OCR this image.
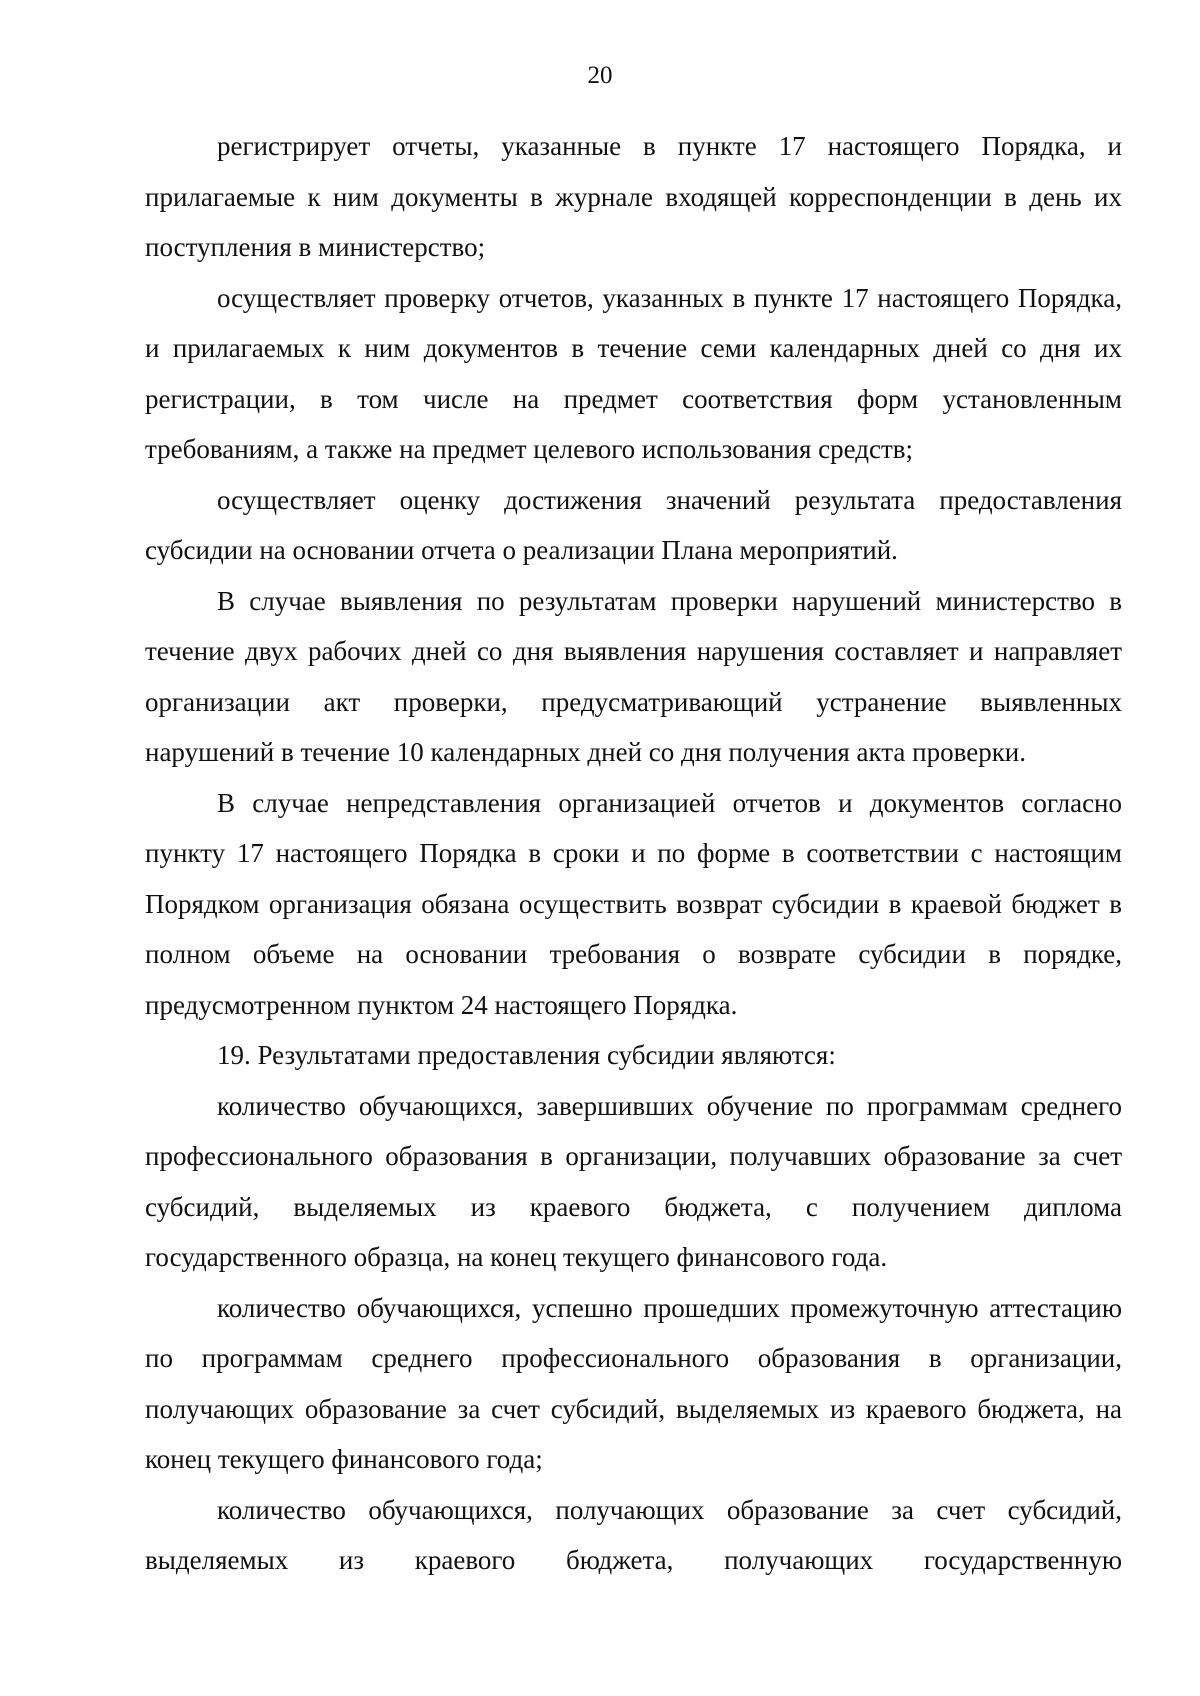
20

регистрирует отчеты, указанные в пункте 17 настоящего Порядка, и прилагаемые к ним документы в журнале входящей корреспонденции в день их поступления в министерство;

осуществляет проверку отчетов, указанных в пункте 17 настоящего Порядка, и прилагаемых к ним документов в течение семи календарных дней со дня их регистрации, в том числе на предмет соответствия форм установленным требованиям, а также на предмет целевого использования средств;

осуществляет оценку достижения значений результата предоставления субсидии на основании отчета о реализации Плана мероприятий.

В случае выявления по результатам проверки нарушений министерство в течение двух рабочих дней со дня выявления нарушения составляет и направляет организации акт проверки, предусматривающий устранение выявленных нарушений в течение 10 календарных дней со дня получения акта проверки.

В случае непредставления организацией отчетов и документов согласно пункту 17 настоящего Порядка в сроки и по форме в соответствии с настоящим Порядком организация обязана осуществить возврат субсидии в краевой бюджет в полном объеме на основании требования о возврате субсидии в порядке, предусмотренном пунктом 24 настоящего Порядка.

19. Результатами предоставления субсидии являются:

количество обучающихся, завершивших обучение по программам среднего профессионального образования в организации, получавших образование за счет субсидий, выделяемых из краевого бюджета, с получением диплома государственного образца, на конец текущего финансового года.

количество обучающихся, успешно прошедших промежуточную аттестацию по программам среднего профессионального образования в организации, получающих образование за счет субсидий, выделяемых из краевого бюджета, на конец текущего финансового года;

количество обучающихся, получающих образование за счет субсидий, выделяемых из краевого бюджета, получающих государственную
